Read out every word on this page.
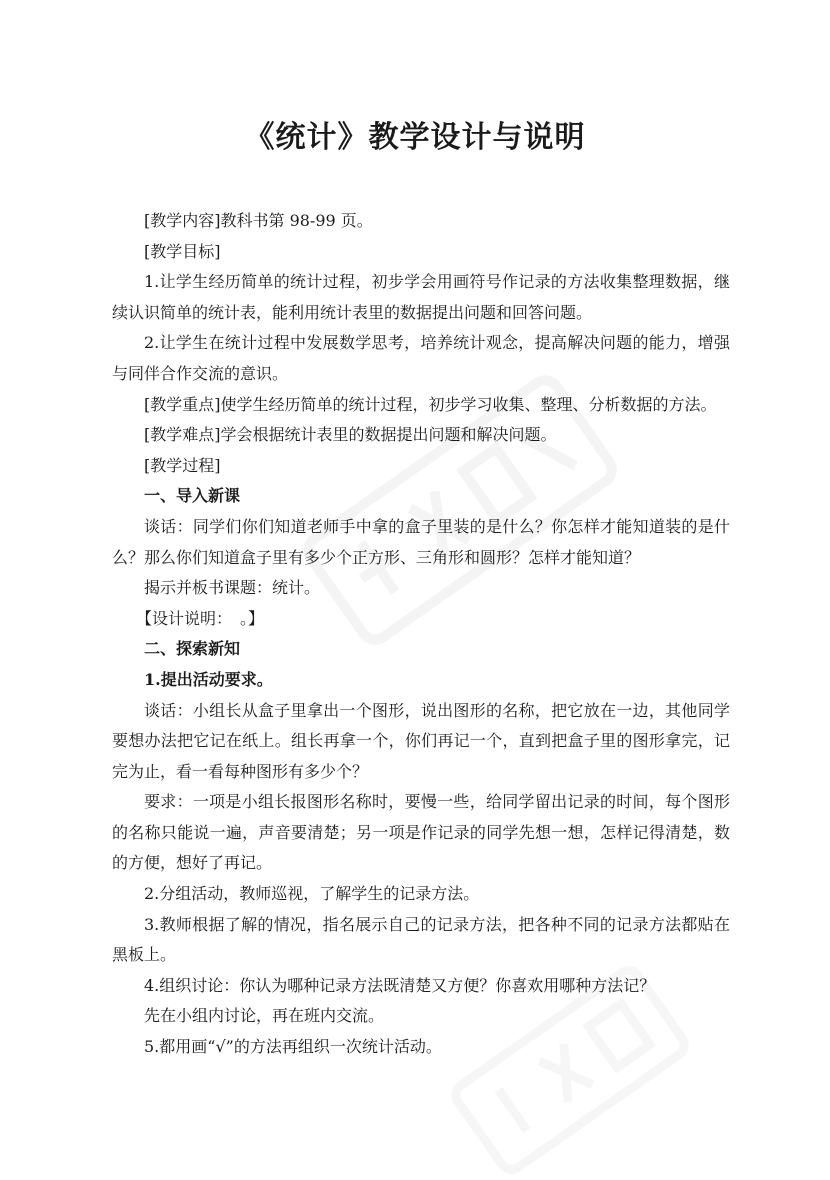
《统计》教学设计与说明

[教学内容]教科书第 98-99 页。

[教学目标]

1.让学生经历简单的统计过程，初步学会用画符号作记录的方法收集整理数据，继续认识简单的统计表，能利用统计表里的数据提出问题和回答问题。

2.让学生在统计过程中发展数学思考，培养统计观念，提高解决问题的能力，增强与同伴合作交流的意识。

[教学重点]使学生经历简单的统计过程，初步学习收集、整理、分析数据的方法。

[教学难点]学会根据统计表里的数据提出问题和解决问题。

[教学过程]

一、导入新课

谈话：同学们你们知道老师手中拿的盒子里装的是什么？你怎样才能知道装的是什么？那么你们知道盒子里有多少个正方形、三角形和圆形？怎样才能知道？

揭示并板书课题：统计。

【设计说明：　。】

二、探索新知

1.提出活动要求。

谈话：小组长从盒子里拿出一个图形，说出图形的名称，把它放在一边，其他同学要想办法把它记在纸上。组长再拿一个，你们再记一个，直到把盒子里的图形拿完，记完为止，看一看每种图形有多少个？

要求：一项是小组长报图形名称时，要慢一些，给同学留出记录的时间，每个图形的名称只能说一遍，声音要清楚；另一项是作记录的同学先想一想，怎样记得清楚，数的方便，想好了再记。

2.分组活动，教师巡视，了解学生的记录方法。

3.教师根据了解的情况，指名展示自己的记录方法，把各种不同的记录方法都贴在黑板上。

4.组织讨论：你认为哪种记录方法既清楚又方便？你喜欢用哪种方法记？

先在小组内讨论，再在班内交流。

5.都用画“√”的方法再组织一次统计活动。
